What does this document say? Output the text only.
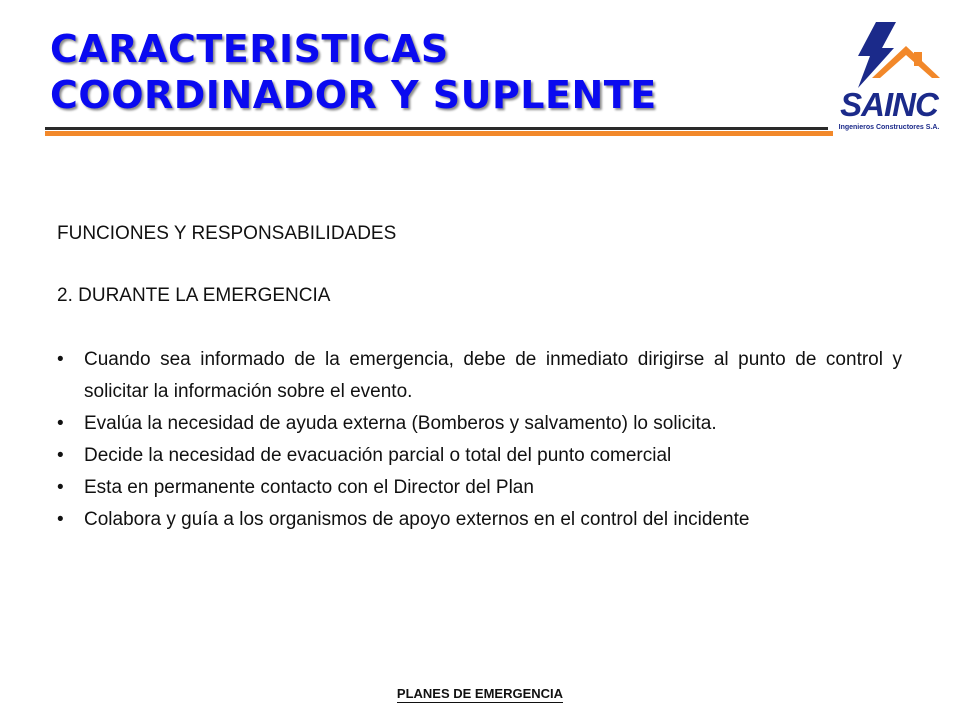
CARACTERISTICAS
COORDINADOR Y SUPLENTE	SAINC
Ingenieros Constructores S.A.

FUNCIONES Y RESPONSABILIDADES

2. DURANTE LA EMERGENCIA

• Cuando sea informado de la emergencia, debe de inmediato dirigirse al punto de control y solicitar la información sobre el evento.
• Evalúa la necesidad de ayuda externa (Bomberos y salvamento) lo solicita.
• Decide la necesidad de evacuación parcial o total del punto comercial
• Esta en permanente contacto con el Director del Plan
• Colabora y guía a los organismos de apoyo externos en el control del incidente
PLANES DE EMERGENCIA
